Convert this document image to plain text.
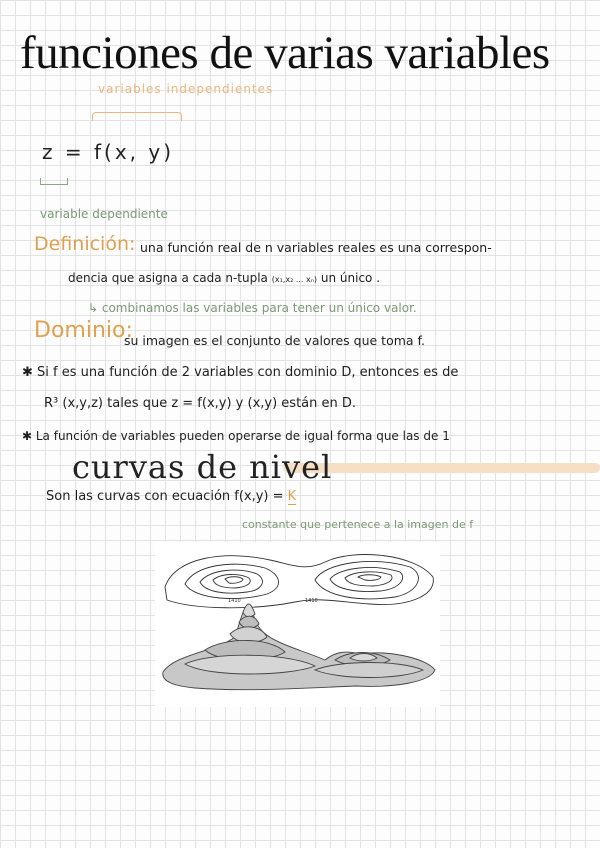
funciones de varias variables
variables independientes
z = f(x, y)
variable dependiente
Definición: una función real de n variables reales es una correspon-
dencia que asigna a cada n-tupla (x₁,x₂ ... xₙ) un único .
↳ combinamos las variables para tener un único valor.
Dominio:
su imagen es el conjunto de valores que toma f.
✱ Si f es una función de 2 variables con dominio D, entonces es de
R³ (x,y,z) tales que z = f(x,y) y (x,y) están en D.
✱ La función de variables pueden operarse de igual forma que las de 1
curvas de nivel
Son las curvas con ecuación f(x,y) = K
constante que pertenece a la imagen de f
1410	1410
